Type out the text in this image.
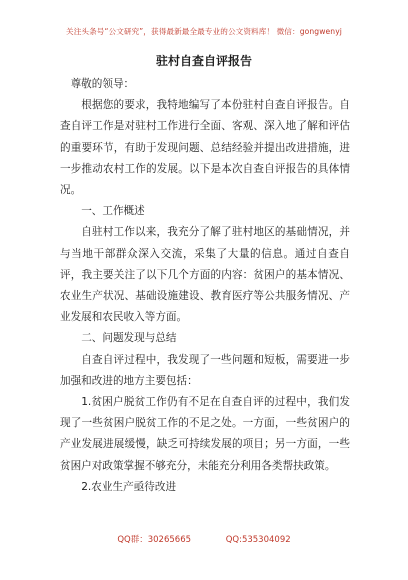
关注头条号“公文研究”，获得最新最全最专业的公文资料库！ 微信：gongwenyj
驻村自查自评报告

尊敬的领导：

根据您的要求，我特地编写了本份驻村自查自评报告。自查自评工作是对驻村工作进行全面、客观、深入地了解和评估的重要环节，有助于发现问题、总结经验并提出改进措施，进一步推动农村工作的发展。以下是本次自查自评报告的具体情况。

一、工作概述

自驻村工作以来，我充分了解了驻村地区的基础情况，并与当地干部群众深入交流，采集了大量的信息。通过自查自评，我主要关注了以下几个方面的内容：贫困户的基本情况、农业生产状况、基础设施建设、教育医疗等公共服务情况、产业发展和农民收入等方面。

二、问题发现与总结

自查自评过程中，我发现了一些问题和短板，需要进一步加强和改进的地方主要包括：

1.贫困户脱贫工作仍有不足在自查自评的过程中，我们发现了一些贫困户脱贫工作的不足之处。一方面，一些贫困户的产业发展进展缓慢，缺乏可持续发展的项目；另一方面，一些贫困户对政策掌握不够充分，未能充分利用各类帮扶政策。

2.农业生产亟待改进

QQ群：30265665	QQ:535304092
